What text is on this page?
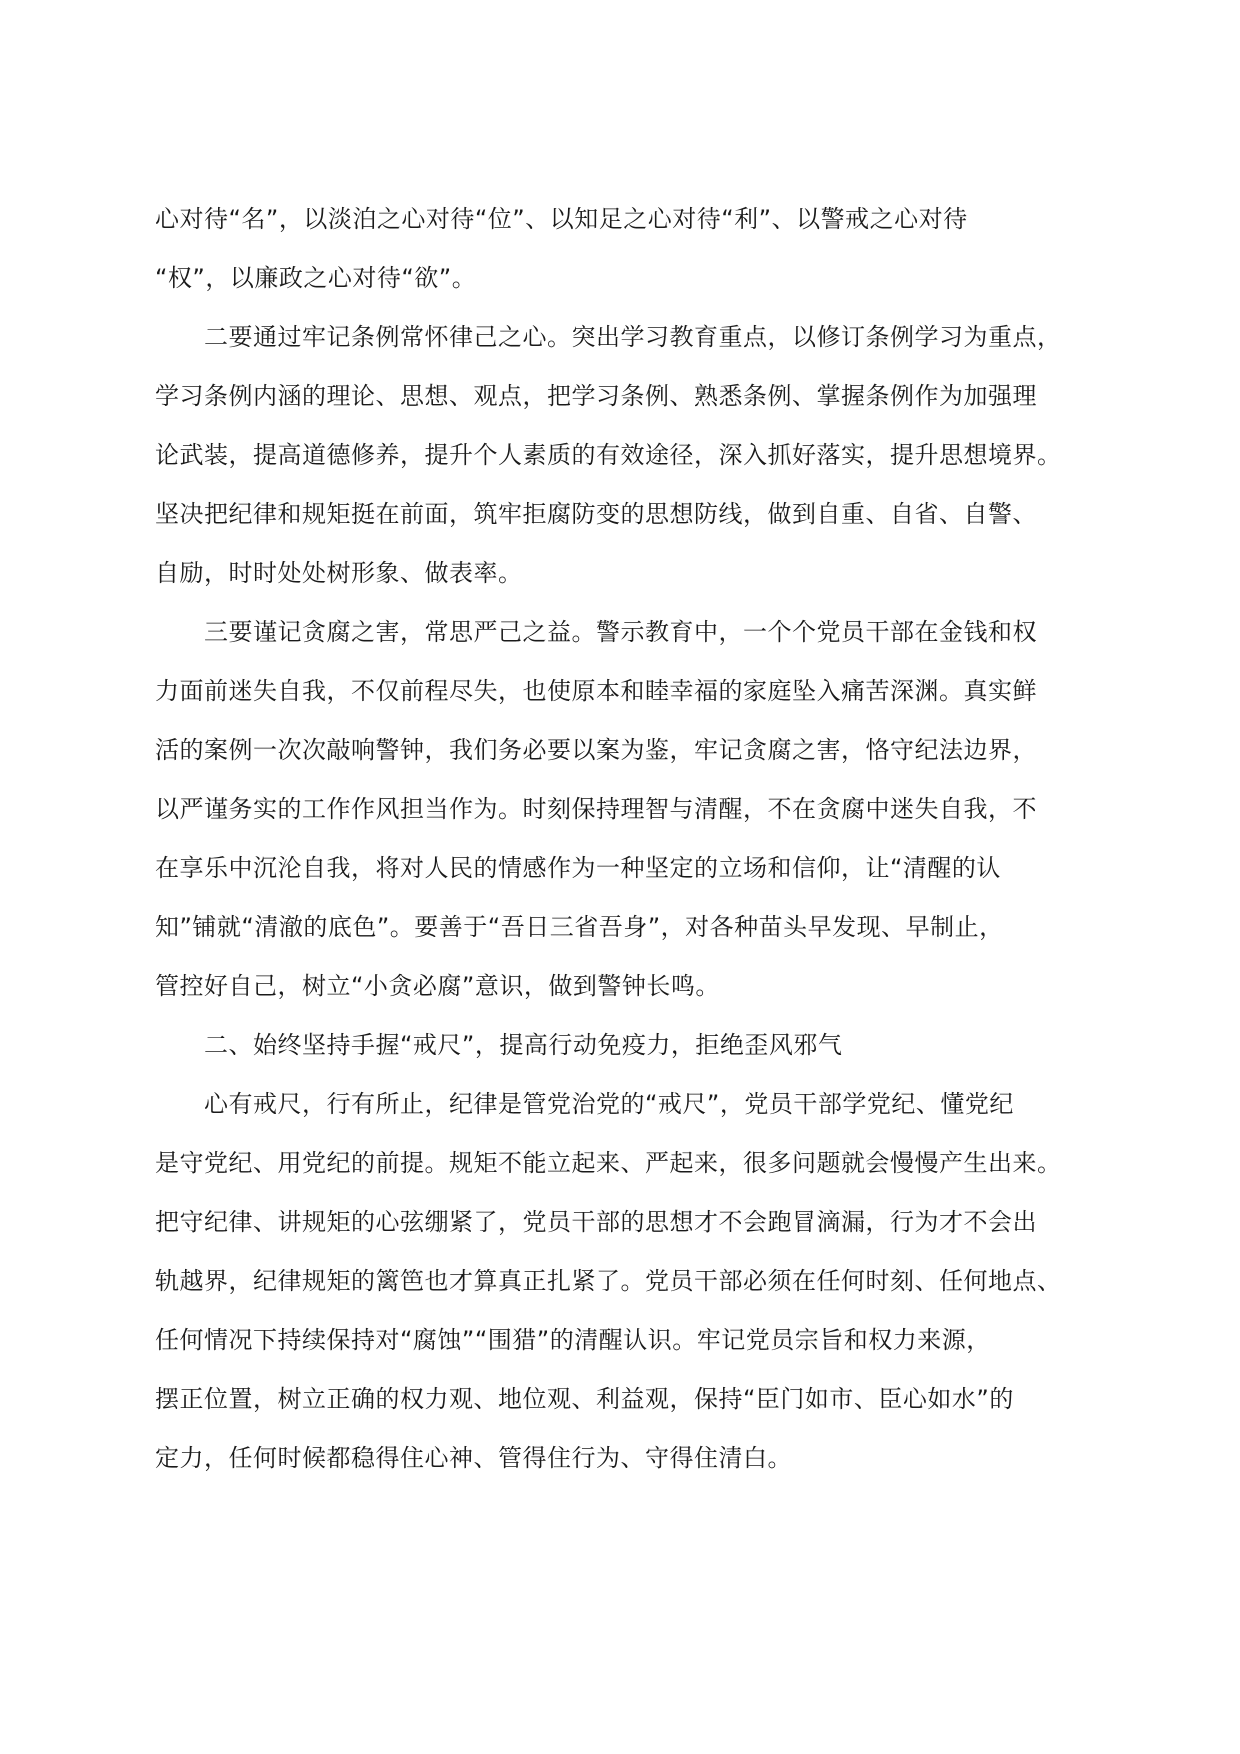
心对待“名”，以淡泊之心对待“位”、以知足之心对待“利”、以警戒之心对待
“权”，以廉政之心对待“欲”。
二要通过牢记条例常怀律己之心。突出学习教育重点，以修订条例学习为重点，
学习条例内涵的理论、思想、观点，把学习条例、熟悉条例、掌握条例作为加强理
论武装，提高道德修养，提升个人素质的有效途径，深入抓好落实，提升思想境界。
坚决把纪律和规矩挺在前面，筑牢拒腐防变的思想防线，做到自重、自省、自警、
自励，时时处处树形象、做表率。
三要谨记贪腐之害，常思严己之益。警示教育中，一个个党员干部在金钱和权
力面前迷失自我，不仅前程尽失，也使原本和睦幸福的家庭坠入痛苦深渊。真实鲜
活的案例一次次敲响警钟，我们务必要以案为鉴，牢记贪腐之害，恪守纪法边界，
以严谨务实的工作作风担当作为。时刻保持理智与清醒，不在贪腐中迷失自我，不
在享乐中沉沦自我，将对人民的情感作为一种坚定的立场和信仰，让“清醒的认
知”铺就“清澈的底色”。要善于“吾日三省吾身”，对各种苗头早发现、早制止，
管控好自己，树立“小贪必腐”意识，做到警钟长鸣。
二、始终坚持手握“戒尺”，提高行动免疫力，拒绝歪风邪气
心有戒尺，行有所止，纪律是管党治党的“戒尺”，党员干部学党纪、懂党纪
是守党纪、用党纪的前提。规矩不能立起来、严起来，很多问题就会慢慢产生出来。
把守纪律、讲规矩的心弦绷紧了，党员干部的思想才不会跑冒滴漏，行为才不会出
轨越界，纪律规矩的篱笆也才算真正扎紧了。党员干部必须在任何时刻、任何地点、
任何情况下持续保持对“腐蚀”“围猎”的清醒认识。牢记党员宗旨和权力来源，
摆正位置，树立正确的权力观、地位观、利益观，保持“臣门如市、臣心如水”的
定力，任何时候都稳得住心神、管得住行为、守得住清白。
